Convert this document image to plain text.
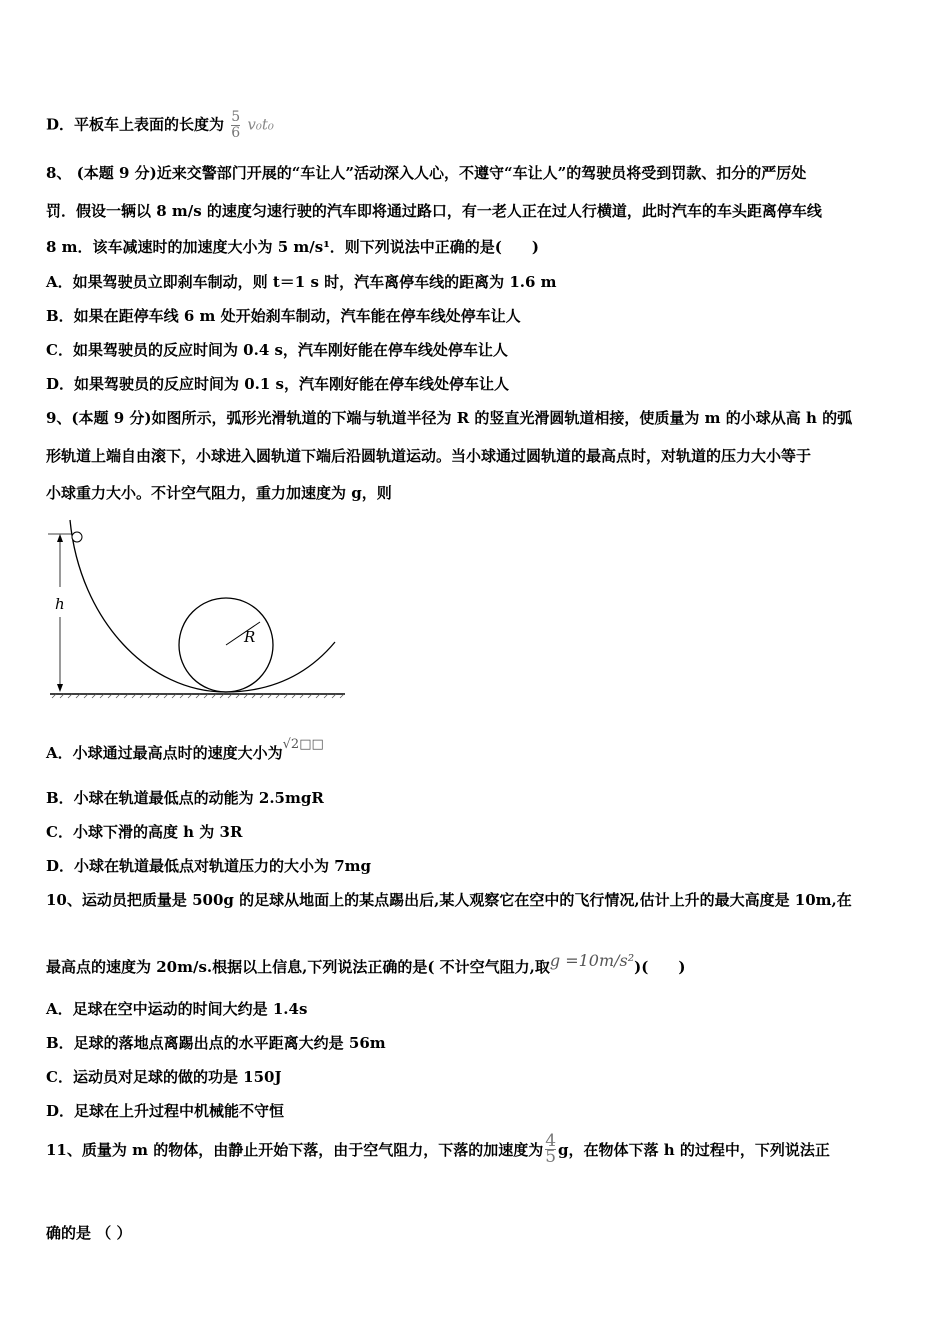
D．平板车上表面的长度为 $\frac{5}{6} v_0t_0$
8、 (本题 9 分)近来交警部门开展的“车让人”活动深入人心，不遵守“车让人”的驾驶员将受到罚款、扣分的严厉处
罚．假设一辆以 8 m/s 的速度匀速行驶的汽车即将通过路口，有一老人正在过人行横道，此时汽车的车头距离停车线
8 m．该车减速时的加速度大小为 5 m/s¹．则下列说法中正确的是(　　)
A．如果驾驶员立即刹车制动，则 t＝1 s 时，汽车离停车线的距离为 1.6 m
B．如果在距停车线 6 m 处开始刹车制动，汽车能在停车线处停车让人
C．如果驾驶员的反应时间为 0.4 s，汽车刚好能在停车线处停车让人
D．如果驾驶员的反应时间为 0.1 s，汽车刚好能在停车线处停车让人
9、(本题 9 分)如图所示，弧形光滑轨道的下端与轨道半径为 R 的竖直光滑圆轨道相接，使质量为 m 的小球从高 h 的弧
形轨道上端自由滚下，小球进入圆轨道下端后沿圆轨道运动。当小球通过圆轨道的最高点时，对轨道的压力大小等于
小球重力大小。不计空气阻力，重力加速度为 g，则
R
h
A．小球通过最高点时的速度大小为√2□□
B．小球在轨道最低点的动能为 2.5mgR
C．小球下滑的高度 h 为 3R
D．小球在轨道最低点对轨道压力的大小为 7mg
10、运动员把质量是 500g 的足球从地面上的某点踢出后,某人观察它在空中的飞行情况,估计上升的最大高度是 10m,在
最高点的速度为 20m/s.根据以上信息,下列说法正确的是( 不计空气阻力,取g =10m/s²)(　　)
A．足球在空中运动的时间大约是 1.4s
B．足球的落地点离踢出点的水平距离大约是 56m
C．运动员对足球的做的功是 150J
D．足球在上升过程中机械能不守恒
11、质量为 m 的物体，由静止开始下落，由于空气阻力，下落的加速度为 $\frac{4}{5}$ g，在物体下落 h 的过程中，下列说法正
确的是 （ ）
